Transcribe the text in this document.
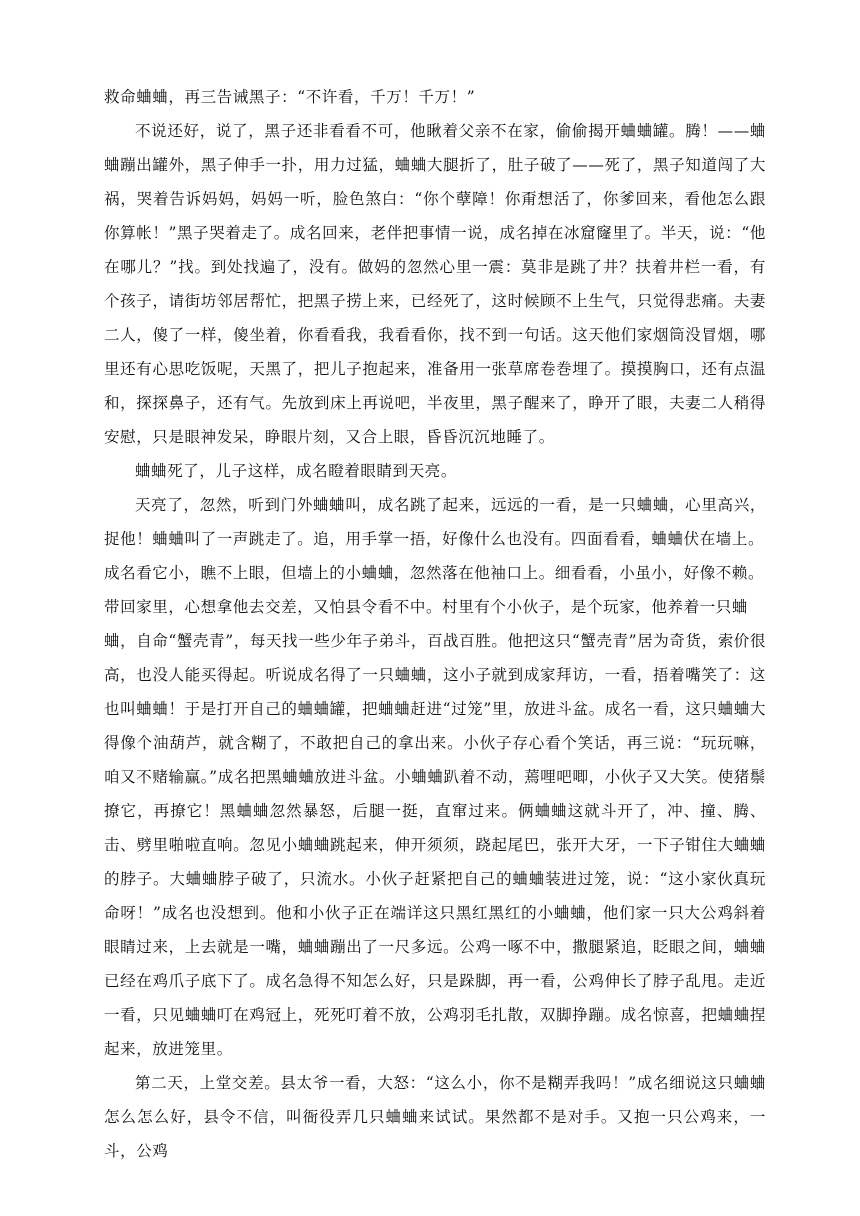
救命蛐蛐，再三告诫黑子：“不许看，千万！千万！”

不说还好，说了，黑子还非看看不可，他瞅着父亲不在家，偷偷揭开蛐蛐罐。腾！——蛐蛐蹦出罐外，黑子伸手一扑，用力过猛，蛐蛐大腿折了，肚子破了——死了，黑子知道闯了大祸，哭着告诉妈妈，妈妈一听，脸色煞白：“你个孽障！你甭想活了，你爹回来，看他怎么跟你算帐！”黑子哭着走了。成名回来，老伴把事情一说，成名掉在冰窟窿里了。半天，说：“他在哪儿？”找。到处找遍了，没有。做妈的忽然心里一震：莫非是跳了井？扶着井栏一看，有个孩子，请街坊邻居帮忙，把黑子捞上来，已经死了，这时候顾不上生气，只觉得悲痛。夫妻二人，傻了一样，傻坐着，你看看我，我看看你，找不到一句话。这天他们家烟筒没冒烟，哪里还有心思吃饭呢，天黑了，把儿子抱起来，准备用一张草席卷巻埋了。摸摸胸口，还有点温和，探探鼻子，还有气。先放到床上再说吧，半夜里，黑子醒来了，睁开了眼，夫妻二人稍得安慰，只是眼神发呆，睁眼片刻，又合上眼，昏昏沉沉地睡了。

蛐蛐死了，儿子这样，成名瞪着眼睛到天亮。

天亮了，忽然，听到门外蛐蛐叫，成名跳了起来，远远的一看，是一只蛐蛐，心里高兴，捉他！蛐蛐叫了一声跳走了。追，用手掌一捂，好像什么也没有。四面看看，蛐蛐伏在墙上。

成名看它小，瞧不上眼，但墙上的小蛐蛐，忽然落在他袖口上。细看看，小虽小，好像不赖。

带回家里，心想拿他去交差，又怕县令看不中。村里有个小伙子，是个玩家，他养着一只蛐

蛐，自命“蟹壳青”，每天找一些少年子弟斗，百战百胜。他把这只“蟹壳青”居为奇货，索价很高，也没人能买得起。听说成名得了一只蛐蛐，这小子就到成家拜访，一看，捂着嘴笑了：这也叫蛐蛐！于是打开自己的蛐蛐罐，把蛐蛐赶进“过笼”里，放进斗盆。成名一看，这只蛐蛐大得像个油葫芦，就含糊了，不敢把自己的拿出来。小伙子存心看个笑话，再三说：“玩玩嘛，咱又不赌输赢。”成名把黑蛐蛐放进斗盆。小蛐蛐趴着不动，蔫哩吧唧，小伙子又大笑。使猪鬃撩它，再撩它！黑蛐蛐忽然暴怒，后腿一挺，直窜过来。俩蛐蛐这就斗开了，冲、撞、腾、击、劈里啪啦直响。忽见小蛐蛐跳起来，伸开须须，跷起尾巴，张开大牙，一下子钳住大蛐蛐的脖子。大蛐蛐脖子破了，只流水。小伙子赶紧把自己的蛐蛐装进过笼，说：“这小家伙真玩命呀！”成名也没想到。他和小伙子正在端详这只黑红黑红的小蛐蛐，他们家一只大公鸡斜着眼睛过来，上去就是一嘴，蛐蛐蹦出了一尺多远。公鸡一啄不中，撒腿紧追，眨眼之间，蛐蛐已经在鸡爪子底下了。成名急得不知怎么好，只是跺脚，再一看，公鸡伸长了脖子乱甩。走近一看，只见蛐蛐叮在鸡冠上，死死叮着不放，公鸡羽毛扎散，双脚挣蹦。成名惊喜，把蛐蛐捏起来，放进笼里。

第二天，上堂交差。县太爷一看，大怒：“这么小，你不是糊弄我吗！”成名细说这只蛐蛐怎么怎么好，县令不信，叫衙役弄几只蛐蛐来试试。果然都不是对手。又抱一只公鸡来，一斗，公鸡
